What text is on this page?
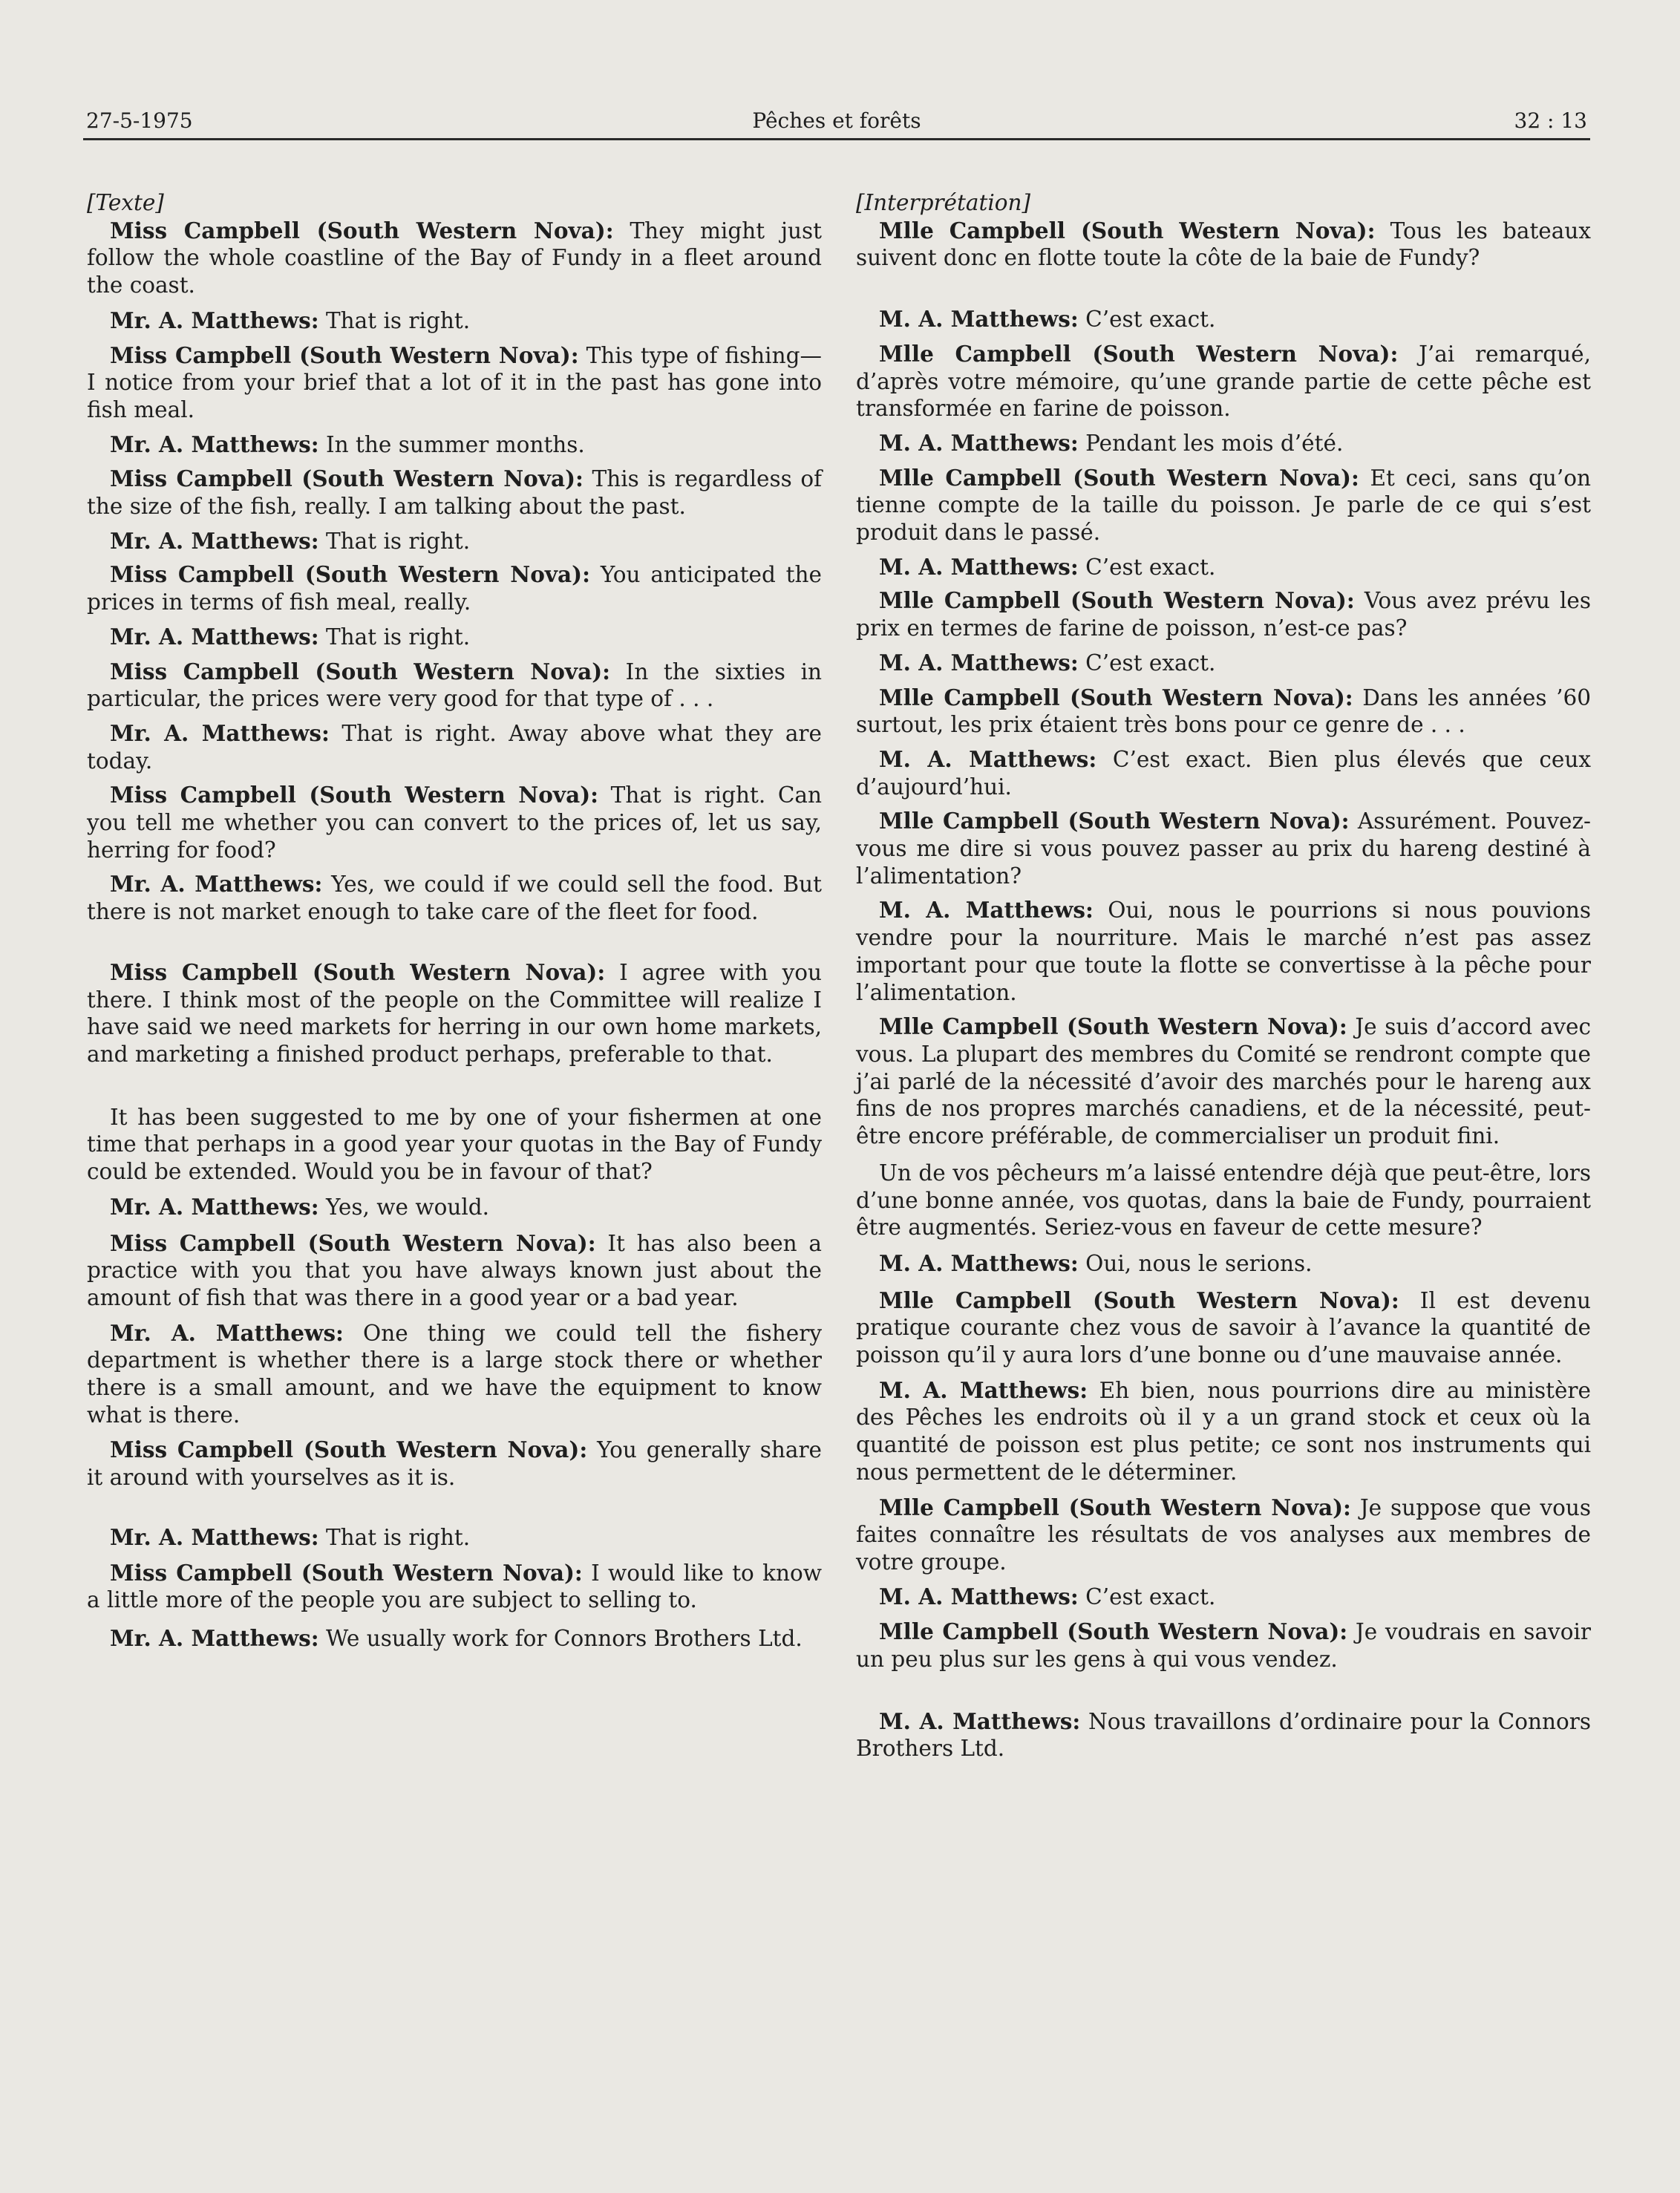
27-5-1975	Pêches et forêts	32 : 13
[Texte]

Miss Campbell (South Western Nova): They might just follow the whole coastline of the Bay of Fundy in a fleet around the coast.

Mr. A. Matthews: That is right.

Miss Campbell (South Western Nova): This type of fishing—I notice from your brief that a lot of it in the past has gone into fish meal.

Mr. A. Matthews: In the summer months.

Miss Campbell (South Western Nova): This is regardless of the size of the fish, really. I am talking about the past.

Mr. A. Matthews: That is right.

Miss Campbell (South Western Nova): You anticipated the prices in terms of fish meal, really.

Mr. A. Matthews: That is right.

Miss Campbell (South Western Nova): In the sixties in particular, the prices were very good for that type of . . .

Mr. A. Matthews: That is right. Away above what they are today.

Miss Campbell (South Western Nova): That is right. Can you tell me whether you can convert to the prices of, let us say, herring for food?

Mr. A. Matthews: Yes, we could if we could sell the food. But there is not market enough to take care of the fleet for food.

Miss Campbell (South Western Nova): I agree with you there. I think most of the people on the Committee will realize I have said we need markets for herring in our own home markets, and marketing a finished product perhaps, preferable to that.

It has been suggested to me by one of your fishermen at one time that perhaps in a good year your quotas in the Bay of Fundy could be extended. Would you be in favour of that?

Mr. A. Matthews: Yes, we would.

Miss Campbell (South Western Nova): It has also been a practice with you that you have always known just about the amount of fish that was there in a good year or a bad year.

Mr. A. Matthews: One thing we could tell the fishery department is whether there is a large stock there or whether there is a small amount, and we have the equipment to know what is there.

Miss Campbell (South Western Nova): You generally share it around with yourselves as it is.

Mr. A. Matthews: That is right.

Miss Campbell (South Western Nova): I would like to know a little more of the people you are subject to selling to.

Mr. A. Matthews: We usually work for Connors Brothers Ltd.

[Interprétation]

Mlle Campbell (South Western Nova): Tous les bateaux suivent donc en flotte toute la côte de la baie de Fundy?

M. A. Matthews: C’est exact.

Mlle Campbell (South Western Nova): J’ai remarqué, d’après votre mémoire, qu’une grande partie de cette pêche est transformée en farine de poisson.

M. A. Matthews: Pendant les mois d’été.

Mlle Campbell (South Western Nova): Et ceci, sans qu’on tienne compte de la taille du poisson. Je parle de ce qui s’est produit dans le passé.

M. A. Matthews: C’est exact.

Mlle Campbell (South Western Nova): Vous avez prévu les prix en termes de farine de poisson, n’est-ce pas?

M. A. Matthews: C’est exact.

Mlle Campbell (South Western Nova): Dans les années ’60 surtout, les prix étaient très bons pour ce genre de . . .

M. A. Matthews: C’est exact. Bien plus élevés que ceux d’aujourd’hui.

Mlle Campbell (South Western Nova): Assurément. Pouvez-vous me dire si vous pouvez passer au prix du hareng destiné à l’alimentation?

M. A. Matthews: Oui, nous le pourrions si nous pouvions vendre pour la nourriture. Mais le marché n’est pas assez important pour que toute la flotte se convertisse à la pêche pour l’alimentation.

Mlle Campbell (South Western Nova): Je suis d’accord avec vous. La plupart des membres du Comité se rendront compte que j’ai parlé de la nécessité d’avoir des marchés pour le hareng aux fins de nos propres marchés canadiens, et de la nécessité, peut-être encore préférable, de commercialiser un produit fini.

Un de vos pêcheurs m’a laissé entendre déjà que peut-être, lors d’une bonne année, vos quotas, dans la baie de Fundy, pourraient être augmentés. Seriez-vous en faveur de cette mesure?

M. A. Matthews: Oui, nous le serions.

Mlle Campbell (South Western Nova): Il est devenu pratique courante chez vous de savoir à l’avance la quantité de poisson qu’il y aura lors d’une bonne ou d’une mauvaise année.

M. A. Matthews: Eh bien, nous pourrions dire au ministère des Pêches les endroits où il y a un grand stock et ceux où la quantité de poisson est plus petite; ce sont nos instruments qui nous permettent de le déterminer.

Mlle Campbell (South Western Nova): Je suppose que vous faites connaître les résultats de vos analyses aux membres de votre groupe.

M. A. Matthews: C’est exact.

Mlle Campbell (South Western Nova): Je voudrais en savoir un peu plus sur les gens à qui vous vendez.

M. A. Matthews: Nous travaillons d’ordinaire pour la Connors Brothers Ltd.
